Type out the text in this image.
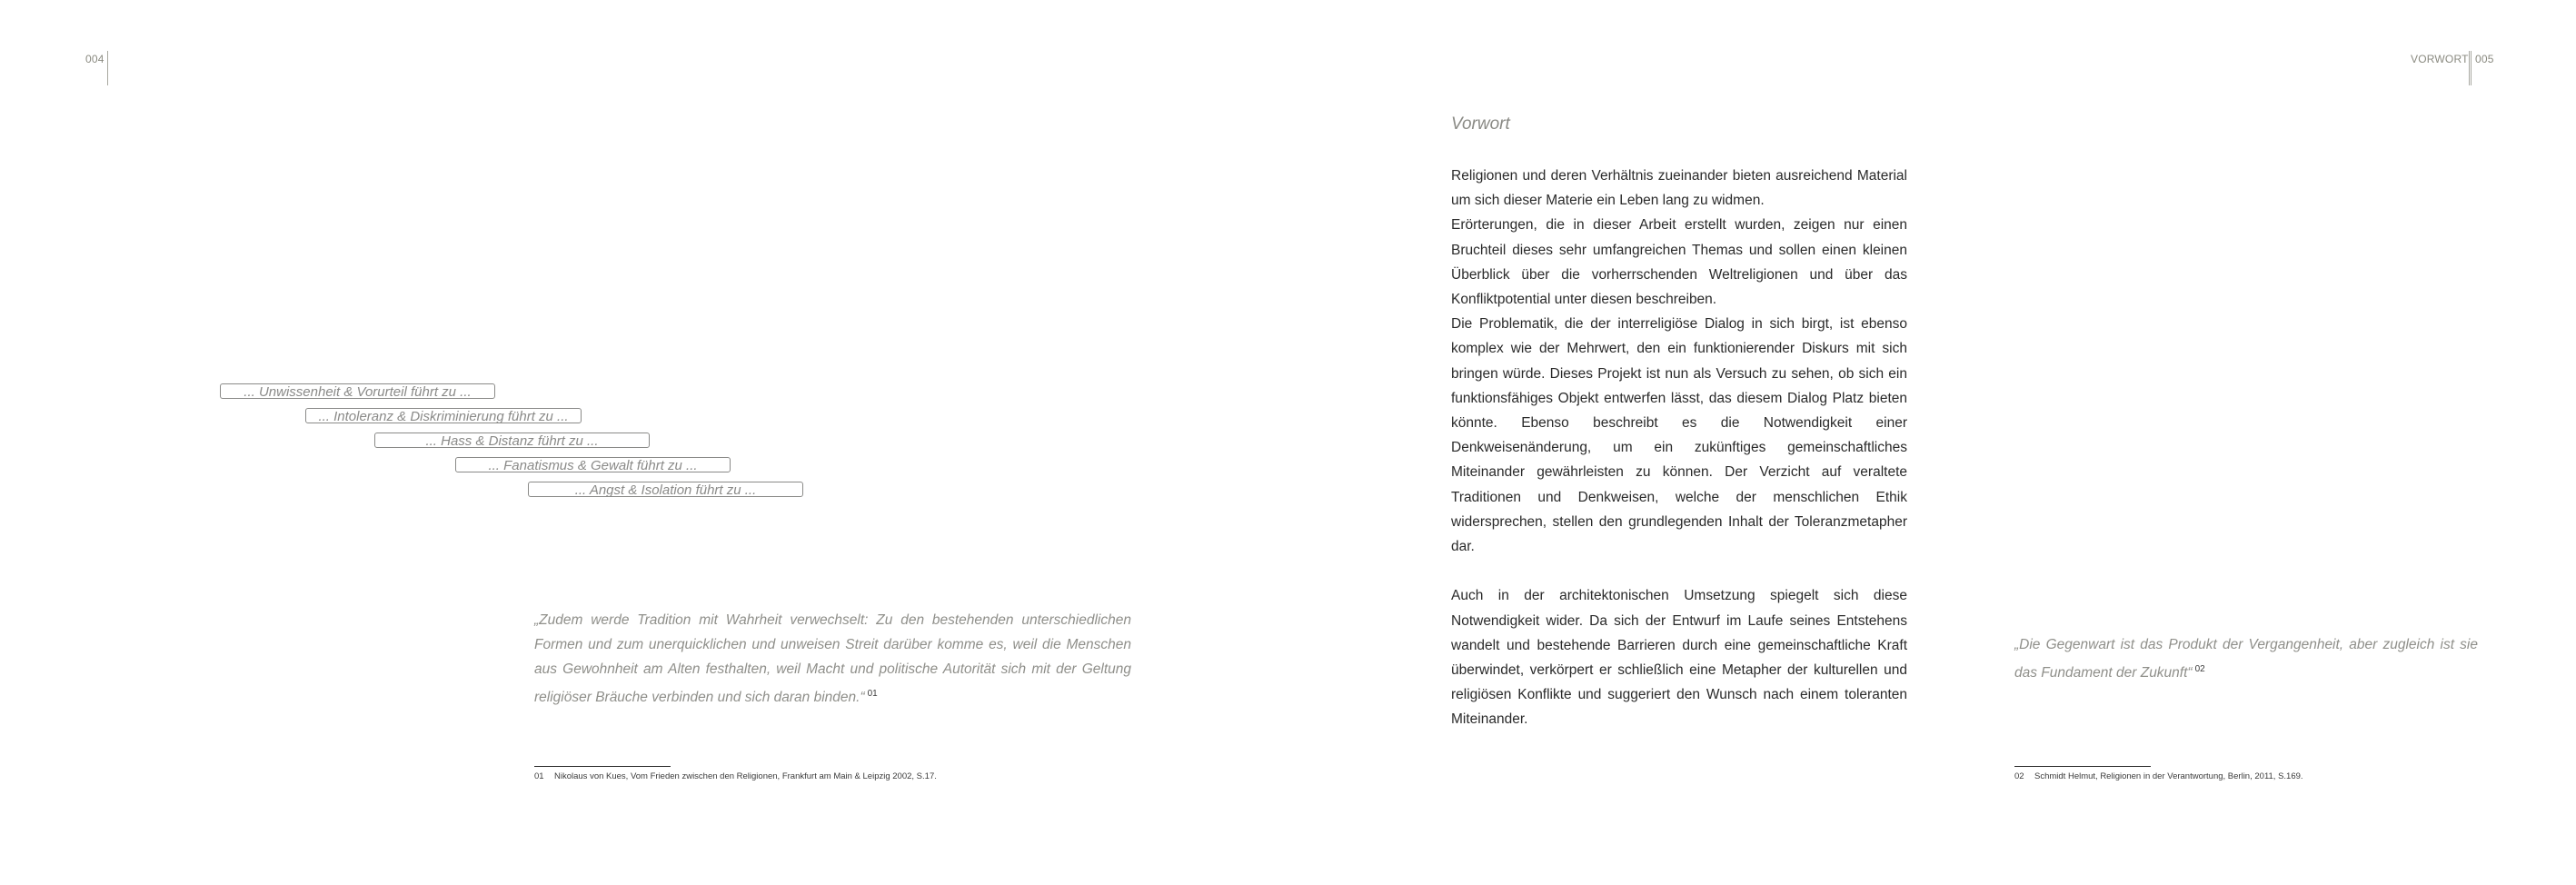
004
... Unwissenheit & Vorurteil führt zu ...
... Intoleranz & Diskriminierung führt zu ...
... Hass & Distanz führt zu ...
... Fanatismus & Gewalt führt zu ...
... Angst & Isolation führt zu ...
„Zudem werde Tradition mit Wahrheit verwechselt: Zu den bestehenden unterschiedlichen Formen und zum unerquicklichen und unweisen Streit darüber komme es, weil die Menschen aus Gewohnheit am Alten festhalten, weil Macht und politische Autorität sich mit der Geltung religiöser Bräuche verbinden und sich daran binden.“ $^{01}$
01 Nikolaus von Kues, Vom Frieden zwischen den Religionen, Frankfurt am Main & Leipzig 2002, S.17.
VORWORT 005
Vorwort

Religionen und deren Verhältnis zueinander bieten ausreichend Material um sich dieser Materie ein Leben lang zu widmen.

Erörterungen, die in dieser Arbeit erstellt wurden, zeigen nur einen Bruchteil dieses sehr umfangreichen Themas und sollen einen kleinen Überblick über die vorherrschenden Weltreligionen und über das Konfliktpotential unter diesen beschreiben.

Die Problematik, die der interreligiöse Dialog in sich birgt, ist ebenso komplex wie der Mehrwert, den ein funktionierender Diskurs mit sich bringen würde. Dieses Projekt ist nun als Versuch zu sehen, ob sich ein funktionsfähiges Objekt entwerfen lässt, das diesem Dialog Platz bieten könnte. Ebenso beschreibt es die Notwendigkeit einer Denkweisenänderung, um ein zukünftiges gemeinschaftliches Miteinander gewährleisten zu können. Der Verzicht auf veraltete Traditionen und Denkweisen, welche der menschlichen Ethik widersprechen, stellen den grundlegenden Inhalt der Toleranzmetapher dar.

Auch in der architektonischen Umsetzung spiegelt sich diese Notwendigkeit wider. Da sich der Entwurf im Laufe seines Entstehens wandelt und bestehende Barrieren durch eine gemeinschaftliche Kraft überwindet, verkörpert er schließlich eine Metapher der kulturellen und religiösen Konflikte und suggeriert den Wunsch nach einem toleranten Miteinander.

„Die Gegenwart ist das Produkt der Vergangenheit, aber zugleich ist sie das Fundament der Zukunft“ $^{02}$
02 Schmidt Helmut, Religionen in der Verantwortung, Berlin, 2011, S.169.
